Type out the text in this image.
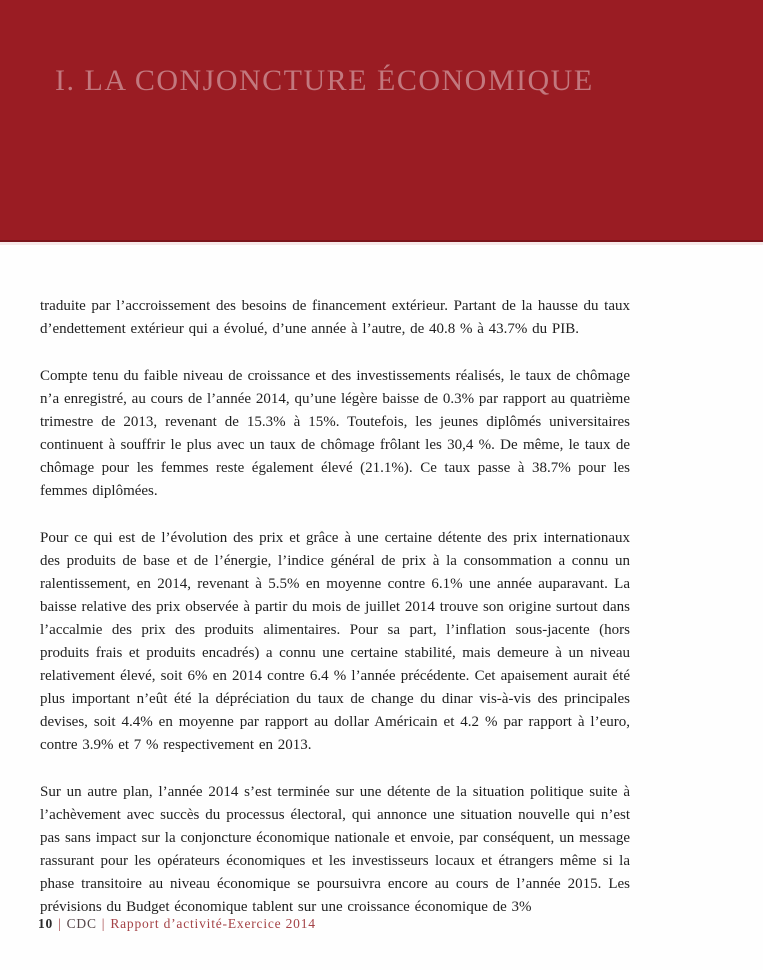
I. LA CONJONCTURE ÉCONOMIQUE

traduite par l’accroissement des besoins de financement extérieur. Partant de la hausse du taux d’endettement extérieur qui a évolué, d’une année à l’autre, de 40.8 % à 43.7% du PIB.

Compte tenu du faible niveau de croissance et des investissements réalisés, le taux de chômage n’a enregistré, au cours de l’année 2014, qu’une légère baisse de 0.3% par rapport au quatrième trimestre de 2013, revenant de 15.3% à 15%. Toutefois, les jeunes diplômés universitaires continuent à souffrir le plus avec un taux de chômage frôlant les 30,4 %. De même, le taux de chômage pour les femmes reste également élevé (21.1%). Ce taux passe à 38.7% pour les femmes diplômées.

Pour ce qui est de l’évolution des prix et grâce à une certaine détente des prix internationaux des produits de base et de l’énergie, l’indice général de prix à la consommation a connu un ralentissement, en 2014, revenant à 5.5% en moyenne contre 6.1% une année auparavant. La baisse relative des prix observée à partir du mois de juillet 2014 trouve son origine surtout dans l’accalmie des prix des produits alimentaires. Pour sa part, l’inflation sous-jacente (hors produits frais et produits encadrés) a connu une certaine stabilité, mais demeure à un niveau relativement élevé, soit 6% en 2014 contre 6.4 % l’année précédente. Cet apaisement aurait été plus important n’eût été la dépréciation du taux de change du dinar vis-à-vis des principales devises, soit 4.4% en moyenne par rapport au dollar Américain et 4.2 % par rapport à l’euro, contre 3.9% et 7 % respectivement en 2013.

Sur un autre plan, l’année 2014 s’est terminée sur une détente de la situation politique suite à l’achèvement avec succès du processus électoral, qui annonce une situation nouvelle qui n’est pas sans impact sur la conjoncture économique nationale et envoie, par conséquent, un message rassurant pour les opérateurs économiques et les investisseurs locaux et étrangers même si la phase transitoire au niveau économique se poursuivra encore au cours de l’année 2015. Les prévisions du Budget économique tablent sur une croissance économique de 3%

10 | CDC | Rapport d’activité-Exercice 2014
